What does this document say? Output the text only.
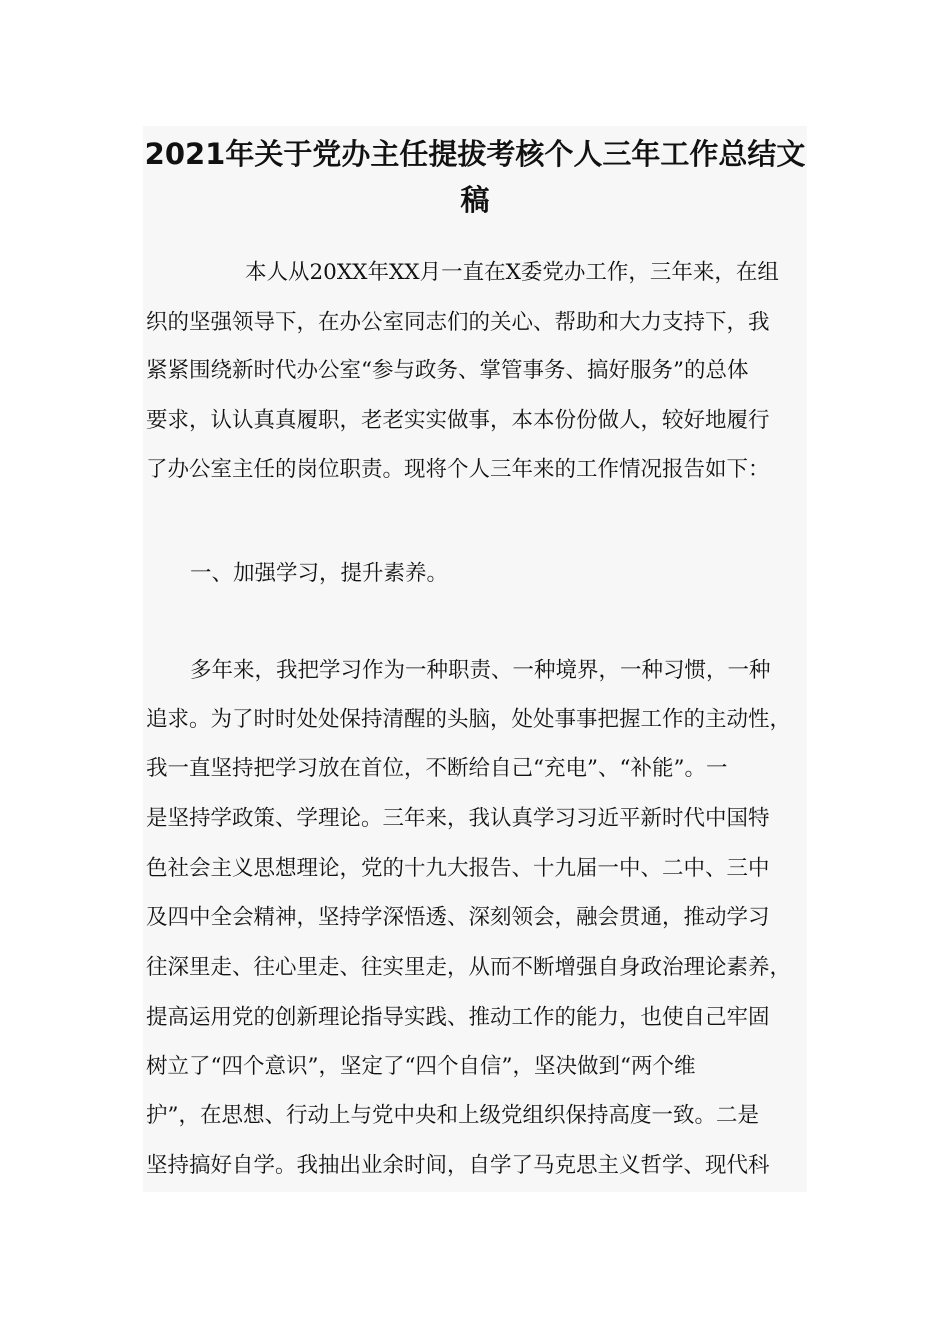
2021年关于党办主任提拔考核个人三年工作总结文
稿

本人从20XX年XX月一直在X委党办工作，三年来，在组

织的坚强领导下，在办公室同志们的关心、帮助和大力支持下，我

紧紧围绕新时代办公室“参与政务、掌管事务、搞好服务”的总体

要求，认认真真履职，老老实实做事，本本份份做人，较好地履行

了办公室主任的岗位职责。现将个人三年来的工作情况报告如下：

一、加强学习，提升素养。

多年来，我把学习作为一种职责、一种境界，一种习惯，一种

追求。为了时时处处保持清醒的头脑，处处事事把握工作的主动性，

我一直坚持把学习放在首位，不断给自己“充电”、“补能”。一

是坚持学政策、学理论。三年来，我认真学习习近平新时代中国特

色社会主义思想理论，党的十九大报告、十九届一中、二中、三中

及四中全会精神，坚持学深悟透、深刻领会，融会贯通，推动学习

往深里走、往心里走、往实里走，从而不断增强自身政治理论素养，

提高运用党的创新理论指导实践、推动工作的能力，也使自己牢固

树立了“四个意识”，坚定了“四个自信”，坚决做到“两个维

护”，在思想、行动上与党中央和上级党组织保持高度一致。二是

坚持搞好自学。我抽出业余时间，自学了马克思主义哲学、现代科
